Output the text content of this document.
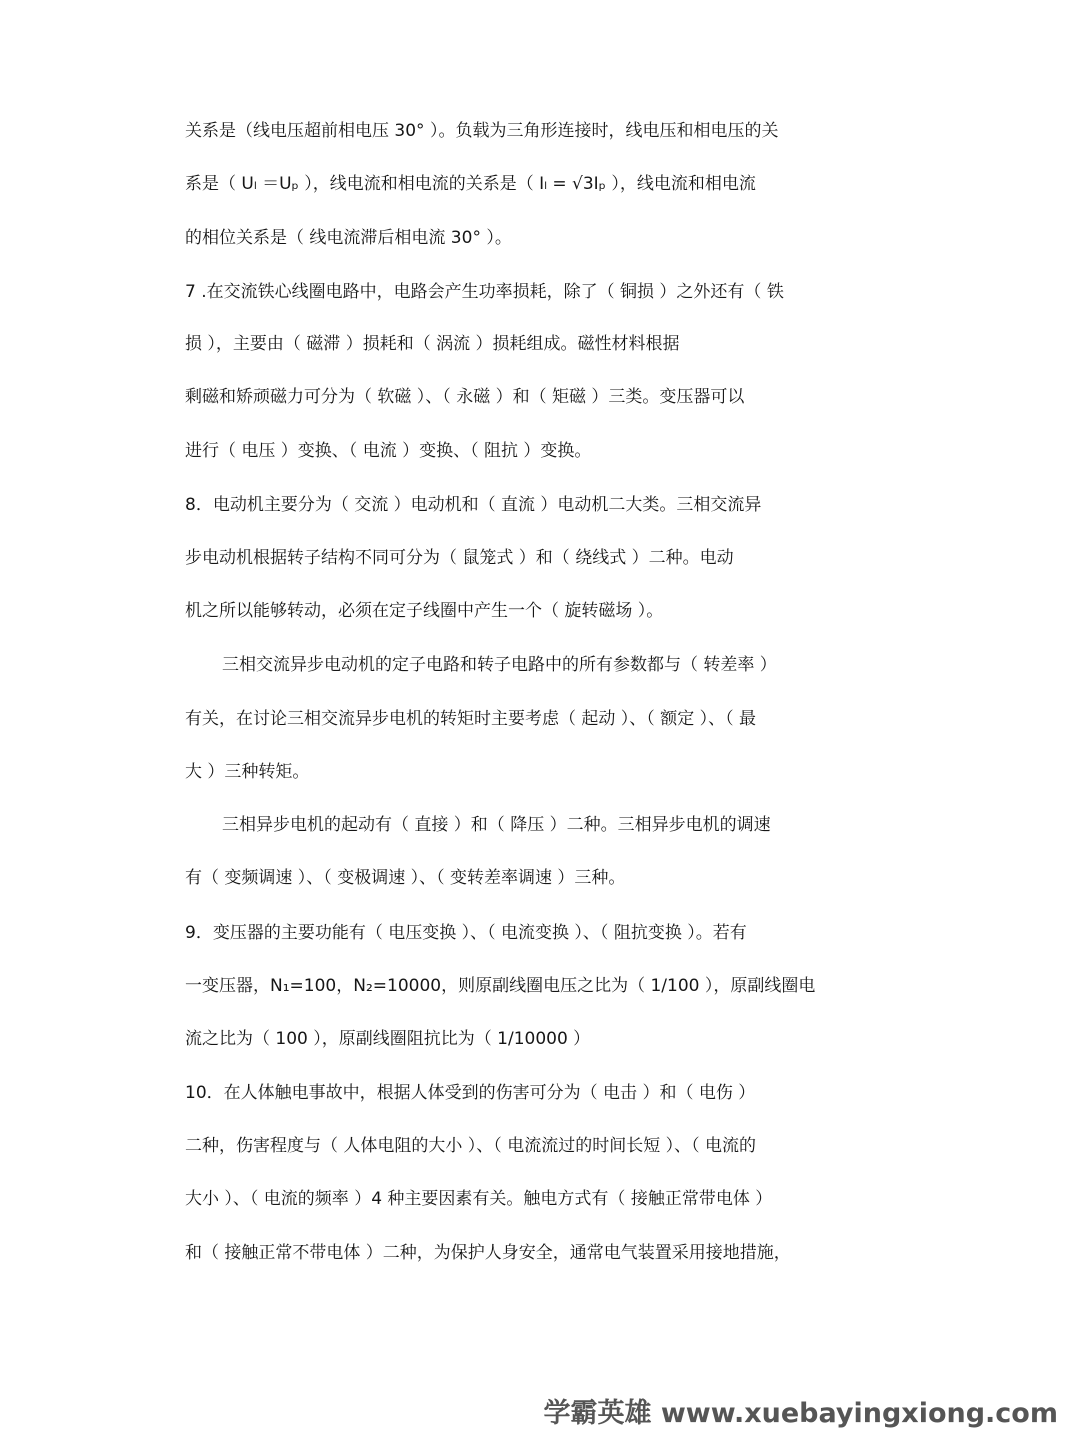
关系是（线电压超前相电压 30° ）。负载为三角形连接时，线电压和相电压的关
系是（ Uₗ ＝Uₚ ），线电流和相电流的关系是（ Iₗ = √3Iₚ ），线电流和相电流
的相位关系是（ 线电流滞后相电流 30° ）。
7 .在交流铁心线圈电路中，电路会产生功率损耗，除了（ 铜损 ）之外还有（ 铁
损 ），主要由（ 磁滞 ）损耗和（ 涡流 ）损耗组成。磁性材料根据
剩磁和矫顽磁力可分为（ 软磁 ）、（ 永磁 ）和（ 矩磁 ）三类。变压器可以
进行（ 电压 ）变换、（ 电流 ）变换、（ 阻抗 ）变换。
8．电动机主要分为（ 交流 ）电动机和（ 直流 ）电动机二大类。三相交流异
步电动机根据转子结构不同可分为（ 鼠笼式 ）和（ 绕线式 ）二种。电动
机之所以能够转动，必须在定子线圈中产生一个（ 旋转磁场 ）。
三相交流异步电动机的定子电路和转子电路中的所有参数都与（ 转差率 ）
有关，在讨论三相交流异步电机的转矩时主要考虑（ 起动 ）、（ 额定 ）、（ 最
大 ）三种转矩。
三相异步电机的起动有（ 直接 ）和（ 降压 ）二种。三相异步电机的调速
有（ 变频调速 ）、（ 变极调速 ）、（ 变转差率调速 ）三种。
9．变压器的主要功能有（ 电压变换 ）、（ 电流变换 ）、（ 阻抗变换 ）。若有
一变压器，N₁=100，N₂=10000，则原副线圈电压之比为（ 1/100 ），原副线圈电
流之比为（ 100 ），原副线圈阻抗比为（ 1/10000 ）
10．在人体触电事故中，根据人体受到的伤害可分为（ 电击 ）和（ 电伤 ）
二种，伤害程度与（ 人体电阻的大小 ）、（ 电流流过的时间长短 ）、（ 电流的
大小 ）、（ 电流的频率 ）4 种主要因素有关。触电方式有（ 接触正常带电体 ）
和（ 接触正常不带电体 ）二种，为保护人身安全，通常电气装置采用接地措施，
学霸英雄 www.xuebayingxiong.com
